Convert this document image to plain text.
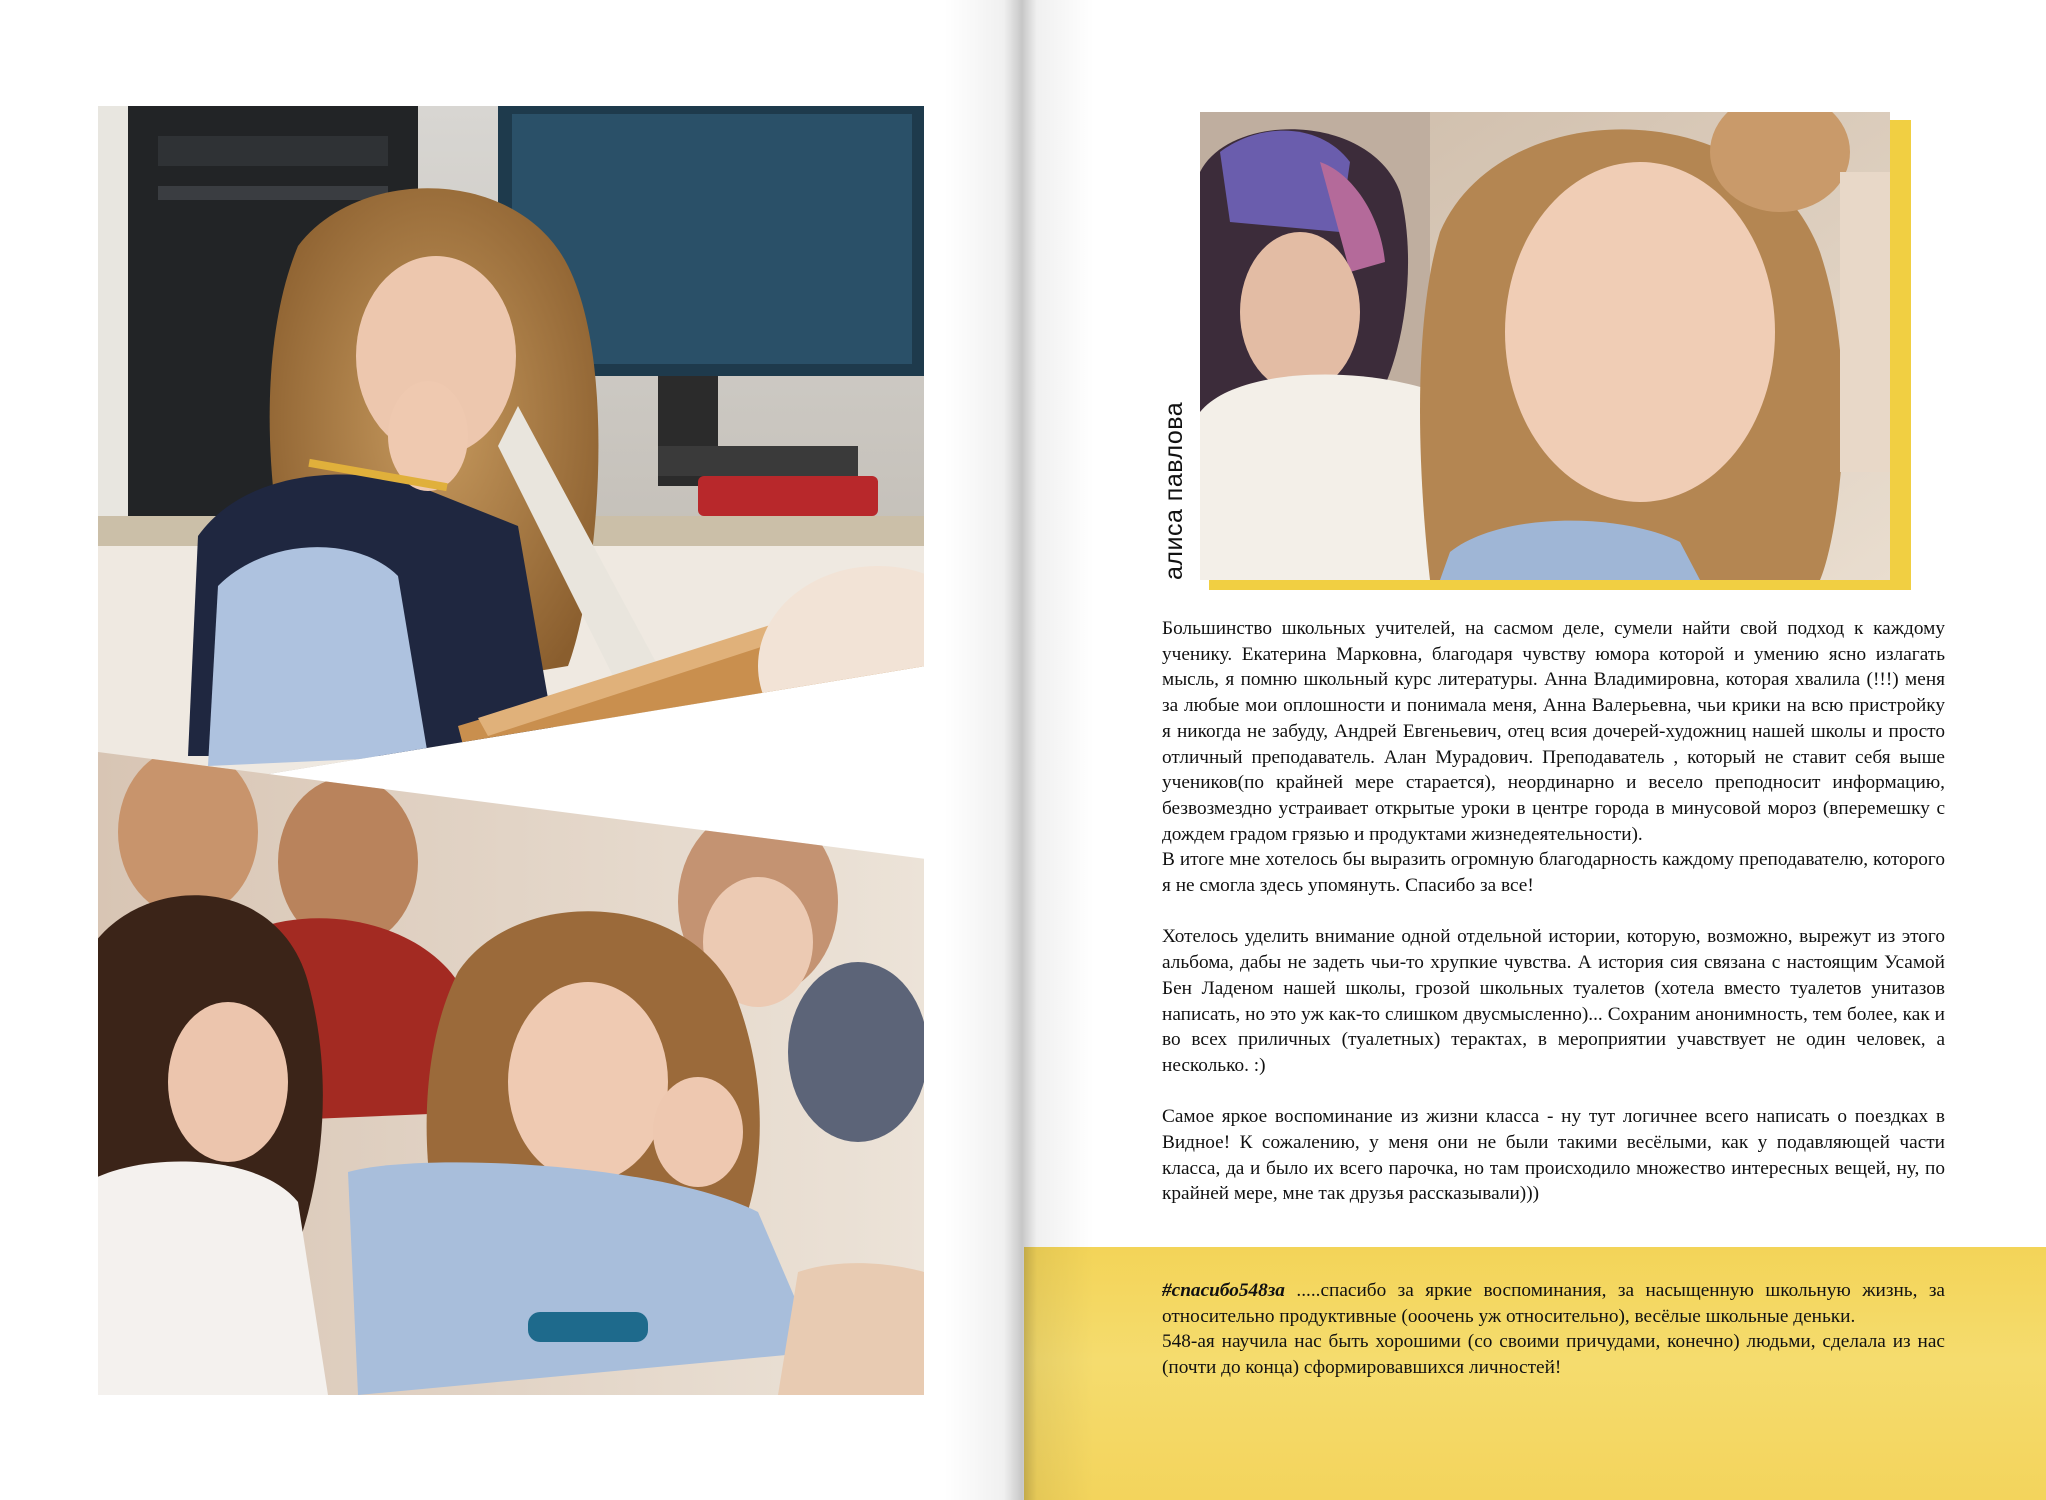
алиса павлова

Большинство школьных учителей, на сасмом деле, сумели найти свой подход к каждому ученику. Екатерина Марковна, благодаря чувству юмора которой и умению ясно излагать мысль, я помню школьный курс литературы. Анна Владимировна, которая хвалила (!!!) меня за любые мои оплошности и понимала меня, Анна Валерьевна, чьи крики на всю пристройку я никогда не забуду, Андрей Евгеньевич, отец всия дочерей-художниц нашей школы и просто отличный преподаватель. Алан Мурадович. Преподаватель , который не ставит себя выше учеников(по крайней мере старается), неординарно и весело преподносит информацию, безвозмездно устраивает открытые уроки в центре города в минусовой мороз (вперемешку с дождем градом грязью и продуктами жизнедеятельности).

В итоге мне хотелось бы выразить огромную благодарность каждому преподавателю, которого я не смогла здесь упомянуть. Спасибо за все!

Хотелось уделить внимание одной отдельной истории, которую, возможно, вырежут из этого альбома, дабы не задеть чьи-то хрупкие чувства. А история сия связана с настоящим Усамой Бен Ладеном нашей школы, грозой школьных туалетов (хотела вместо туалетов унитазов написать, но это уж как-то слишком двусмысленно)... Сохраним анонимность, тем более, как и во всех приличных (туалетных) терактах, в мероприятии учавствует не один человек, а несколько. :)

Самое яркое воспоминание из жизни класса - ну тут логичнее всего написать о поездках в Видное! К сожалению, у меня они не были такими весёлыми, как у подавляющей части класса, да и было их всего парочка, но там происходило множество интересных вещей, ну, по крайней мере, мне так друзья рассказывали)))

#спасибо548за .....спасибо за яркие воспоминания, за насыщенную школьную жизнь, за относительно продуктивные (ооочень уж относительно), весёлые школьные деньки.

548-ая научила нас быть хорошими (со своими причудами, конечно) людьми, сделала из нас (почти до конца) сформировавшихся личностей!
